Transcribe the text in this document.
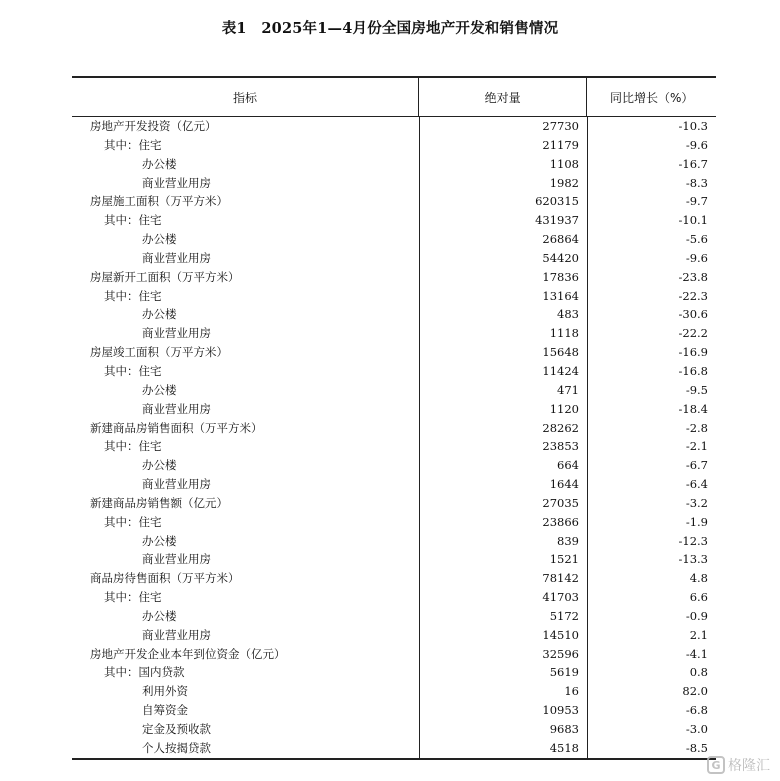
表1　2025年1—4月份全国房地产开发和销售情况
指标	绝对量	同比增长（%）
房地产开发投资（亿元）	27730	-10.3
其中：住宅	21179	-9.6
办公楼	1108	-16.7
商业营业用房	1982	-8.3
房屋施工面积（万平方米）	620315	-9.7
其中：住宅	431937	-10.1
办公楼	26864	-5.6
商业营业用房	54420	-9.6
房屋新开工面积（万平方米）	17836	-23.8
其中：住宅	13164	-22.3
办公楼	483	-30.6
商业营业用房	1118	-22.2
房屋竣工面积（万平方米）	15648	-16.9
其中：住宅	11424	-16.8
办公楼	471	-9.5
商业营业用房	1120	-18.4
新建商品房销售面积（万平方米）	28262	-2.8
其中：住宅	23853	-2.1
办公楼	664	-6.7
商业营业用房	1644	-6.4
新建商品房销售额（亿元）	27035	-3.2
其中：住宅	23866	-1.9
办公楼	839	-12.3
商业营业用房	1521	-13.3
商品房待售面积（万平方米）	78142	4.8
其中：住宅	41703	6.6
办公楼	5172	-0.9
商业营业用房	14510	2.1
房地产开发企业本年到位资金（亿元）	32596	-4.1
其中：国内贷款	5619	0.8
利用外资	16	82.0
自筹资金	10953	-6.8
定金及预收款	9683	-3.0
个人按揭贷款	4518	-8.5
G 格隆汇
